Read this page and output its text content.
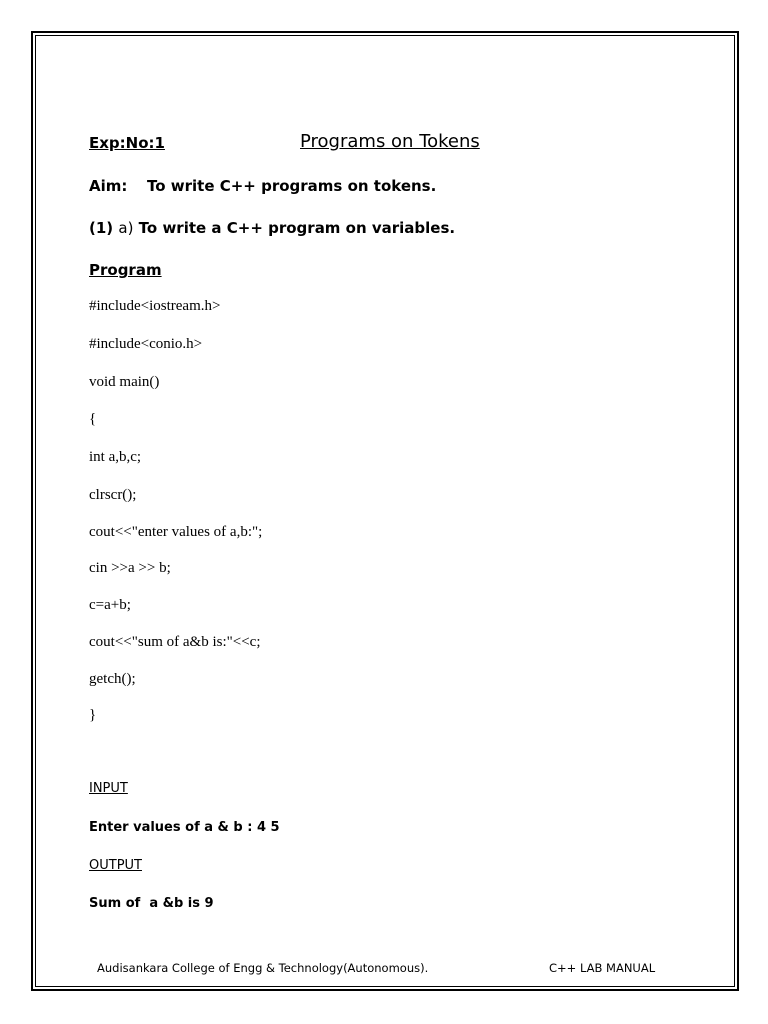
Exp:No:1	Programs on Tokens
Aim: To write C++ programs on tokens.
(1) a) To write a C++ program on variables.
Program
#include<iostream.h>
#include<conio.h>
void main()
{
int a,b,c;
clrscr();
cout<<"enter values of a,b:";
cin >>a >> b;
c=a+b;
cout<<"sum of a&b is:"<<c;
getch();
}
INPUT
Enter values of a & b : 4 5
OUTPUT
Sum of  a &b is 9
Audisankara College of Engg & Technology(Autonomous).	C++ LAB MANUAL
